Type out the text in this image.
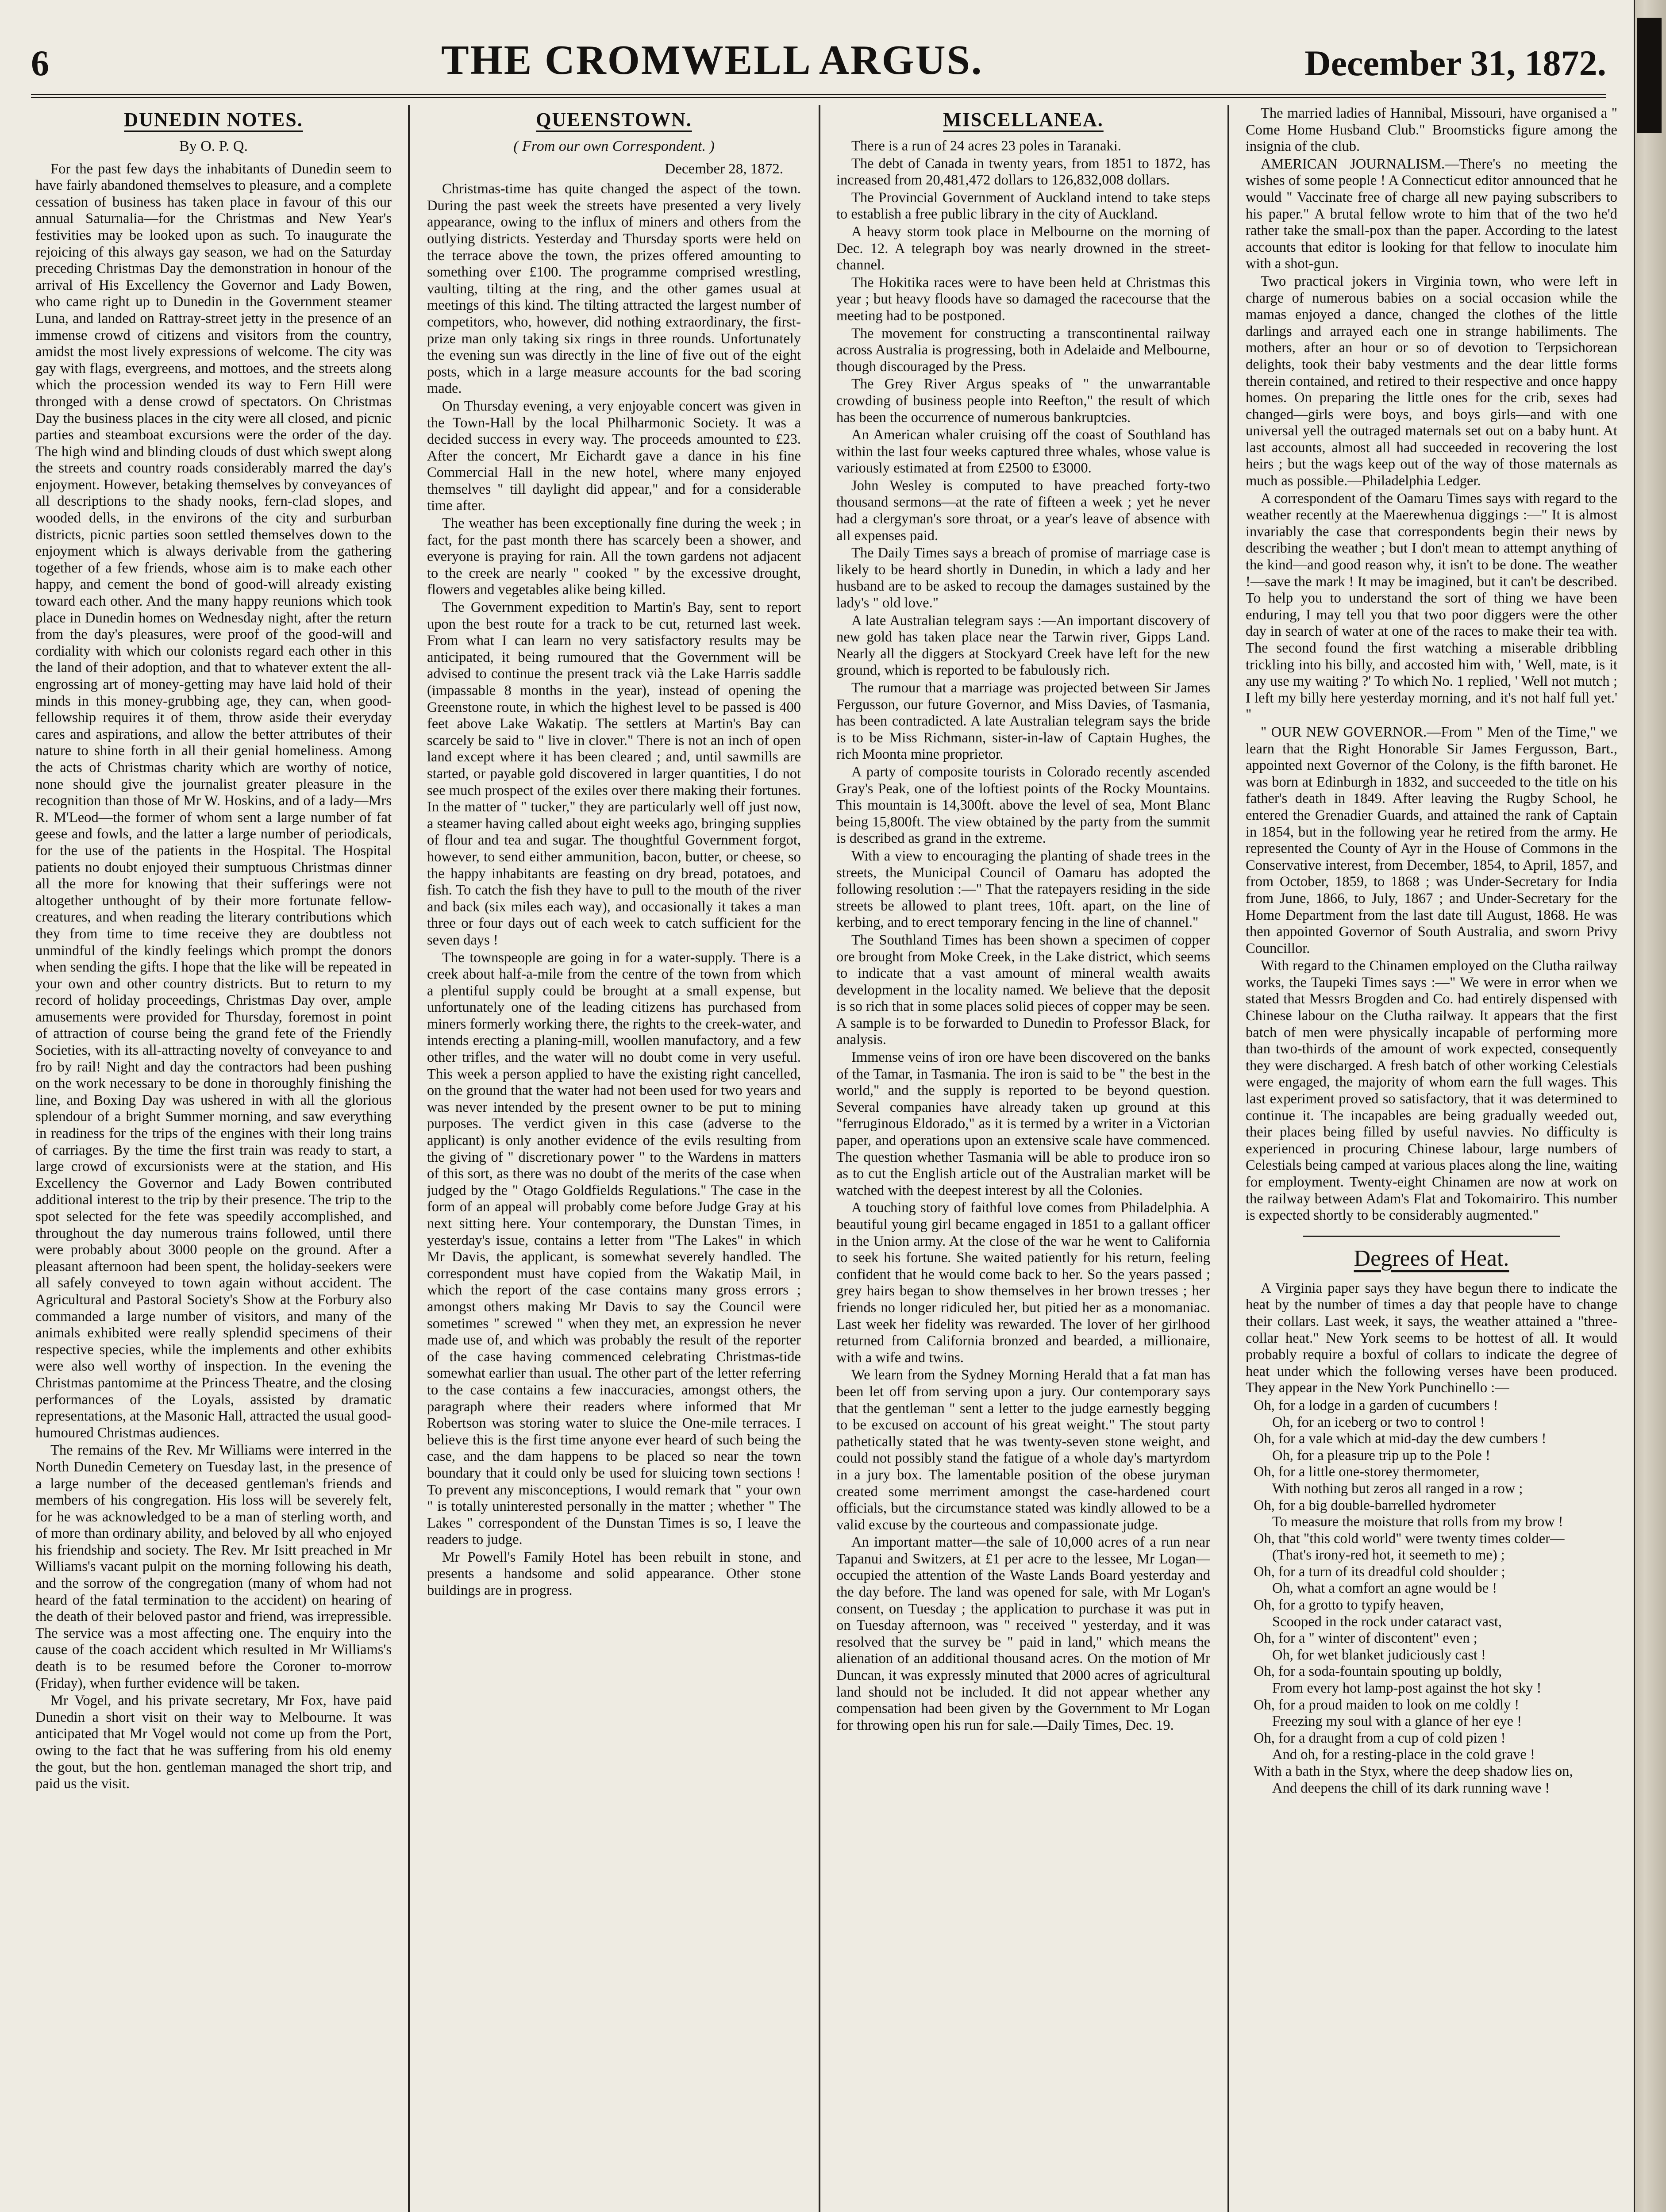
6	THE CROMWELL ARGUS.	December 31, 1872.
DUNEDIN NOTES.
By O. P. Q.

For the past few days the inhabitants of Dunedin seem to have fairly abandoned themselves to pleasure, and a complete cessation of business has taken place in favour of this our annual Saturnalia—for the Christmas and New Year's festivities may be looked upon as such. To inaugurate the rejoicing of this always gay season, we had on the Saturday preceding Christmas Day the demonstration in honour of the arrival of His Excellency the Governor and Lady Bowen, who came right up to Dunedin in the Government steamer Luna, and landed on Rattray-street jetty in the presence of an immense crowd of citizens and visitors from the country, amidst the most lively expressions of welcome. The city was gay with flags, evergreens, and mottoes, and the streets along which the procession wended its way to Fern Hill were thronged with a dense crowd of spectators. On Christmas Day the business places in the city were all closed, and picnic parties and steamboat excursions were the order of the day. The high wind and blinding clouds of dust which swept along the streets and country roads considerably marred the day's enjoyment. However, betaking themselves by conveyances of all descriptions to the shady nooks, fern-clad slopes, and wooded dells, in the environs of the city and surburban districts, picnic parties soon settled themselves down to the enjoyment which is always derivable from the gathering together of a few friends, whose aim is to make each other happy, and cement the bond of good-will already existing toward each other. And the many happy reunions which took place in Dunedin homes on Wednesday night, after the return from the day's pleasures, were proof of the good-will and cordiality with which our colonists regard each other in this the land of their adoption, and that to whatever extent the all-engrossing art of money-getting may have laid hold of their minds in this money-grubbing age, they can, when good-fellowship requires it of them, throw aside their everyday cares and aspirations, and allow the better attributes of their nature to shine forth in all their genial homeliness. Among the acts of Christmas charity which are worthy of notice, none should give the journalist greater pleasure in the recognition than those of Mr W. Hoskins, and of a lady—Mrs R. M'Leod—the former of whom sent a large number of fat geese and fowls, and the latter a large number of periodicals, for the use of the patients in the Hospital. The Hospital patients no doubt enjoyed their sumptuous Christmas dinner all the more for knowing that their sufferings were not altogether unthought of by their more fortunate fellow-creatures, and when reading the literary contributions which they from time to time receive they are doubtless not unmindful of the kindly feelings which prompt the donors when sending the gifts. I hope that the like will be repeated in your own and other country districts. But to return to my record of holiday proceedings, Christmas Day over, ample amusements were provided for Thursday, foremost in point of attraction of course being the grand fete of the Friendly Societies, with its all-attracting novelty of conveyance to and fro by rail! Night and day the contractors had been pushing on the work necessary to be done in thoroughly finishing the line, and Boxing Day was ushered in with all the glorious splendour of a bright Summer morning, and saw everything in readiness for the trips of the engines with their long trains of carriages. By the time the first train was ready to start, a large crowd of excursionists were at the station, and His Excellency the Governor and Lady Bowen contributed additional interest to the trip by their presence. The trip to the spot selected for the fete was speedily accomplished, and throughout the day numerous trains followed, until there were probably about 3000 people on the ground. After a pleasant afternoon had been spent, the holiday-seekers were all safely conveyed to town again without accident. The Agricultural and Pastoral Society's Show at the Forbury also commanded a large number of visitors, and many of the animals exhibited were really splendid specimens of their respective species, while the implements and other exhibits were also well worthy of inspection. In the evening the Christmas pantomime at the Princess Theatre, and the closing performances of the Loyals, assisted by dramatic representations, at the Masonic Hall, attracted the usual good-humoured Christmas audiences.

The remains of the Rev. Mr Williams were interred in the North Dunedin Cemetery on Tuesday last, in the presence of a large number of the deceased gentleman's friends and members of his congregation. His loss will be severely felt, for he was acknowledged to be a man of sterling worth, and of more than ordinary ability, and beloved by all who enjoyed his friendship and society. The Rev. Mr Isitt preached in Mr Williams's vacant pulpit on the morning following his death, and the sorrow of the congregation (many of whom had not heard of the fatal termination to the accident) on hearing of the death of their beloved pastor and friend, was irrepressible. The service was a most affecting one. The enquiry into the cause of the coach accident which resulted in Mr Williams's death is to be resumed before the Coroner to-morrow (Friday), when further evidence will be taken.

Mr Vogel, and his private secretary, Mr Fox, have paid Dunedin a short visit on their way to Melbourne. It was anticipated that Mr Vogel would not come up from the Port, owing to the fact that he was suffering from his old enemy the gout, but the hon. gentleman managed the short trip, and paid us the visit.

QUEENSTOWN.
( From our own Correspondent. )
December 28, 1872.

Christmas-time has quite changed the aspect of the town. During the past week the streets have presented a very lively appearance, owing to the influx of miners and others from the outlying districts. Yesterday and Thursday sports were held on the terrace above the town, the prizes offered amounting to something over £100. The programme comprised wrestling, vaulting, tilting at the ring, and the other games usual at meetings of this kind. The tilting attracted the largest number of competitors, who, however, did nothing extraordinary, the first-prize man only taking six rings in three rounds. Unfortunately the evening sun was directly in the line of five out of the eight posts, which in a large measure accounts for the bad scoring made.

On Thursday evening, a very enjoyable concert was given in the Town-Hall by the local Philharmonic Society. It was a decided success in every way. The proceeds amounted to £23. After the concert, Mr Eichardt gave a dance in his fine Commercial Hall in the new hotel, where many enjoyed themselves " till daylight did appear," and for a considerable time after.

The weather has been exceptionally fine during the week ; in fact, for the past month there has scarcely been a shower, and everyone is praying for rain. All the town gardens not adjacent to the creek are nearly " cooked " by the excessive drought, flowers and vegetables alike being killed.

The Government expedition to Martin's Bay, sent to report upon the best route for a track to be cut, returned last week. From what I can learn no very satisfactory results may be anticipated, it being rumoured that the Government will be advised to continue the present track vià the Lake Harris saddle (impassable 8 months in the year), instead of opening the Greenstone route, in which the highest level to be passed is 400 feet above Lake Wakatip. The settlers at Martin's Bay can scarcely be said to " live in clover." There is not an inch of open land except where it has been cleared ; and, until sawmills are started, or payable gold discovered in larger quantities, I do not see much prospect of the exiles over there making their fortunes. In the matter of " tucker," they are particularly well off just now, a steamer having called about eight weeks ago, bringing supplies of flour and tea and sugar. The thoughtful Government forgot, however, to send either ammunition, bacon, butter, or cheese, so the happy inhabitants are feasting on dry bread, potatoes, and fish. To catch the fish they have to pull to the mouth of the river and back (six miles each way), and occasionally it takes a man three or four days out of each week to catch sufficient for the seven days !

The townspeople are going in for a water-supply. There is a creek about half-a-mile from the centre of the town from which a plentiful supply could be brought at a small expense, but unfortunately one of the leading citizens has purchased from miners formerly working there, the rights to the creek-water, and intends erecting a planing-mill, woollen manufactory, and a few other trifles, and the water will no doubt come in very useful. This week a person applied to have the existing right cancelled, on the ground that the water had not been used for two years and was never intended by the present owner to be put to mining purposes. The verdict given in this case (adverse to the applicant) is only another evidence of the evils resulting from the giving of " discretionary power " to the Wardens in matters of this sort, as there was no doubt of the merits of the case when judged by the " Otago Goldfields Regulations." The case in the form of an appeal will probably come before Judge Gray at his next sitting here. Your contemporary, the Dunstan Times, in yesterday's issue, contains a letter from "The Lakes" in which Mr Davis, the applicant, is somewhat severely handled. The correspondent must have copied from the Wakatip Mail, in which the report of the case contains many gross errors ; amongst others making Mr Davis to say the Council were sometimes " screwed " when they met, an expression he never made use of, and which was probably the result of the reporter of the case having commenced celebrating Christmas-tide somewhat earlier than usual. The other part of the letter referring to the case contains a few inaccuracies, amongst others, the paragraph where their readers where informed that Mr Robertson was storing water to sluice the One-mile terraces. I believe this is the first time anyone ever heard of such being the case, and the dam happens to be placed so near the town boundary that it could only be used for sluicing town sections ! To prevent any misconceptions, I would remark that " your own " is totally uninterested personally in the matter ; whether " The Lakes " correspondent of the Dunstan Times is so, I leave the readers to judge.

Mr Powell's Family Hotel has been rebuilt in stone, and presents a handsome and solid appearance. Other stone buildings are in progress.

MISCELLANEA.

There is a run of 24 acres 23 poles in Taranaki.

The debt of Canada in twenty years, from 1851 to 1872, has increased from 20,481,472 dollars to 126,832,008 dollars.

The Provincial Government of Auckland intend to take steps to establish a free public library in the city of Auckland.

A heavy storm took place in Melbourne on the morning of Dec. 12. A telegraph boy was nearly drowned in the street-channel.

The Hokitika races were to have been held at Christmas this year ; but heavy floods have so damaged the racecourse that the meeting had to be postponed.

The movement for constructing a transcontinental railway across Australia is progressing, both in Adelaide and Melbourne, though discouraged by the Press.

The Grey River Argus speaks of " the unwarrantable crowding of business people into Reefton," the result of which has been the occurrence of numerous bankruptcies.

An American whaler cruising off the coast of Southland has within the last four weeks captured three whales, whose value is variously estimated at from £2500 to £3000.

John Wesley is computed to have preached forty-two thousand sermons—at the rate of fifteen a week ; yet he never had a clergyman's sore throat, or a year's leave of absence with all expenses paid.

The Daily Times says a breach of promise of marriage case is likely to be heard shortly in Dunedin, in which a lady and her husband are to be asked to recoup the damages sustained by the lady's " old love."

A late Australian telegram says :—An important discovery of new gold has taken place near the Tarwin river, Gipps Land. Nearly all the diggers at Stockyard Creek have left for the new ground, which is reported to be fabulously rich.

The rumour that a marriage was projected between Sir James Fergusson, our future Governor, and Miss Davies, of Tasmania, has been contradicted. A late Australian telegram says the bride is to be Miss Richmann, sister-in-law of Captain Hughes, the rich Moonta mine proprietor.

A party of composite tourists in Colorado recently ascended Gray's Peak, one of the loftiest points of the Rocky Mountains. This mountain is 14,300ft. above the level of sea, Mont Blanc being 15,800ft. The view obtained by the party from the summit is described as grand in the extreme.

With a view to encouraging the planting of shade trees in the streets, the Municipal Council of Oamaru has adopted the following resolution :—" That the ratepayers residing in the side streets be allowed to plant trees, 10ft. apart, on the line of kerbing, and to erect temporary fencing in the line of channel."

The Southland Times has been shown a specimen of copper ore brought from Moke Creek, in the Lake district, which seems to indicate that a vast amount of mineral wealth awaits development in the locality named. We believe that the deposit is so rich that in some places solid pieces of copper may be seen. A sample is to be forwarded to Dunedin to Professor Black, for analysis.

Immense veins of iron ore have been discovered on the banks of the Tamar, in Tasmania. The iron is said to be " the best in the world," and the supply is reported to be beyond question. Several companies have already taken up ground at this "ferruginous Eldorado," as it is termed by a writer in a Victorian paper, and operations upon an extensive scale have commenced. The question whether Tasmania will be able to produce iron so as to cut the English article out of the Australian market will be watched with the deepest interest by all the Colonies.

A touching story of faithful love comes from Philadelphia. A beautiful young girl became engaged in 1851 to a gallant officer in the Union army. At the close of the war he went to California to seek his fortune. She waited patiently for his return, feeling confident that he would come back to her. So the years passed ; grey hairs began to show themselves in her brown tresses ; her friends no longer ridiculed her, but pitied her as a monomaniac. Last week her fidelity was rewarded. The lover of her girlhood returned from California bronzed and bearded, a millionaire, with a wife and twins.

We learn from the Sydney Morning Herald that a fat man has been let off from serving upon a jury. Our contemporary says that the gentleman " sent a letter to the judge earnestly begging to be excused on account of his great weight." The stout party pathetically stated that he was twenty-seven stone weight, and could not possibly stand the fatigue of a whole day's martyrdom in a jury box. The lamentable position of the obese juryman created some merriment amongst the case-hardened court officials, but the circumstance stated was kindly allowed to be a valid excuse by the courteous and compassionate judge.

An important matter—the sale of 10,000 acres of a run near Tapanui and Switzers, at £1 per acre to the lessee, Mr Logan—occupied the attention of the Waste Lands Board yesterday and the day before. The land was opened for sale, with Mr Logan's consent, on Tuesday ; the application to purchase it was put in on Tuesday afternoon, was " received " yesterday, and it was resolved that the survey be " paid in land," which means the alienation of an additional thousand acres. On the motion of Mr Duncan, it was expressly minuted that 2000 acres of agricultural land should not be included. It did not appear whether any compensation had been given by the Government to Mr Logan for throwing open his run for sale.—Daily Times, Dec. 19.

The married ladies of Hannibal, Missouri, have organised a " Come Home Husband Club." Broomsticks figure among the insignia of the club.

AMERICAN JOURNALISM.—There's no meeting the wishes of some people ! A Connecticut editor announced that he would " Vaccinate free of charge all new paying subscribers to his paper." A brutal fellow wrote to him that of the two he'd rather take the small-pox than the paper. According to the latest accounts that editor is looking for that fellow to inoculate him with a shot-gun.

Two practical jokers in Virginia town, who were left in charge of numerous babies on a social occasion while the mamas enjoyed a dance, changed the clothes of the little darlings and arrayed each one in strange habiliments. The mothers, after an hour or so of devotion to Terpsichorean delights, took their baby vestments and the dear little forms therein contained, and retired to their respective and once happy homes. On preparing the little ones for the crib, sexes had changed—girls were boys, and boys girls—and with one universal yell the outraged maternals set out on a baby hunt. At last accounts, almost all had succeeded in recovering the lost heirs ; but the wags keep out of the way of those maternals as much as possible.—Philadelphia Ledger.

A correspondent of the Oamaru Times says with regard to the weather recently at the Maerewhenua diggings :—" It is almost invariably the case that correspondents begin their news by describing the weather ; but I don't mean to attempt anything of the kind—and good reason why, it isn't to be done. The weather !—save the mark ! It may be imagined, but it can't be described. To help you to understand the sort of thing we have been enduring, I may tell you that two poor diggers were the other day in search of water at one of the races to make their tea with. The second found the first watching a miserable dribbling trickling into his billy, and accosted him with, ' Well, mate, is it any use my waiting ?' To which No. 1 replied, ' Well not mutch ; I left my billy here yesterday morning, and it's not half full yet.' "

" OUR NEW GOVERNOR.—From " Men of the Time," we learn that the Right Honorable Sir James Fergusson, Bart., appointed next Governor of the Colony, is the fifth baronet. He was born at Edinburgh in 1832, and succeeded to the title on his father's death in 1849. After leaving the Rugby School, he entered the Grenadier Guards, and attained the rank of Captain in 1854, but in the following year he retired from the army. He represented the County of Ayr in the House of Commons in the Conservative interest, from December, 1854, to April, 1857, and from October, 1859, to 1868 ; was Under-Secretary for India from June, 1866, to July, 1867 ; and Under-Secretary for the Home Department from the last date till August, 1868. He was then appointed Governor of South Australia, and sworn Privy Councillor.

With regard to the Chinamen employed on the Clutha railway works, the Taupeki Times says :—" We were in error when we stated that Messrs Brogden and Co. had entirely dispensed with Chinese labour on the Clutha railway. It appears that the first batch of men were physically incapable of performing more than two-thirds of the amount of work expected, consequently they were discharged. A fresh batch of other working Celestials were engaged, the majority of whom earn the full wages. This last experiment proved so satisfactory, that it was determined to continue it. The incapables are being gradually weeded out, their places being filled by useful navvies. No difficulty is experienced in procuring Chinese labour, large numbers of Celestials being camped at various places along the line, waiting for employment. Twenty-eight Chinamen are now at work on the railway between Adam's Flat and Tokomairiro. This number is expected shortly to be considerably augmented."

Degrees of Heat.

A Virginia paper says they have begun there to indicate the heat by the number of times a day that people have to change their collars. Last week, it says, the weather attained a "three-collar heat." New York seems to be hottest of all. It would probably require a boxful of collars to indicate the degree of heat under which the following verses have been produced. They appear in the New York Punchinello :—

Oh, for a lodge in a garden of cucumbers !
Oh, for an iceberg or two to control !
Oh, for a vale which at mid-day the dew cumbers !
Oh, for a pleasure trip up to the Pole !
Oh, for a little one-storey thermometer,
With nothing but zeros all ranged in a row ;
Oh, for a big double-barrelled hydrometer
To measure the moisture that rolls from my brow !
Oh, that "this cold world" were twenty times colder—
(That's irony-red hot, it seemeth to me) ;
Oh, for a turn of its dreadful cold shoulder ;
Oh, what a comfort an agne would be !
Oh, for a grotto to typify heaven,
Scooped in the rock under cataract vast,
Oh, for a " winter of discontent" even ;
Oh, for wet blanket judiciously cast !
Oh, for a soda-fountain spouting up boldly,
From every hot lamp-post against the hot sky !
Oh, for a proud maiden to look on me coldly !
Freezing my soul with a glance of her eye !
Oh, for a draught from a cup of cold pizen !
And oh, for a resting-place in the cold grave !
With a bath in the Styx, where the deep shadow lies on,
And deepens the chill of its dark running wave !
